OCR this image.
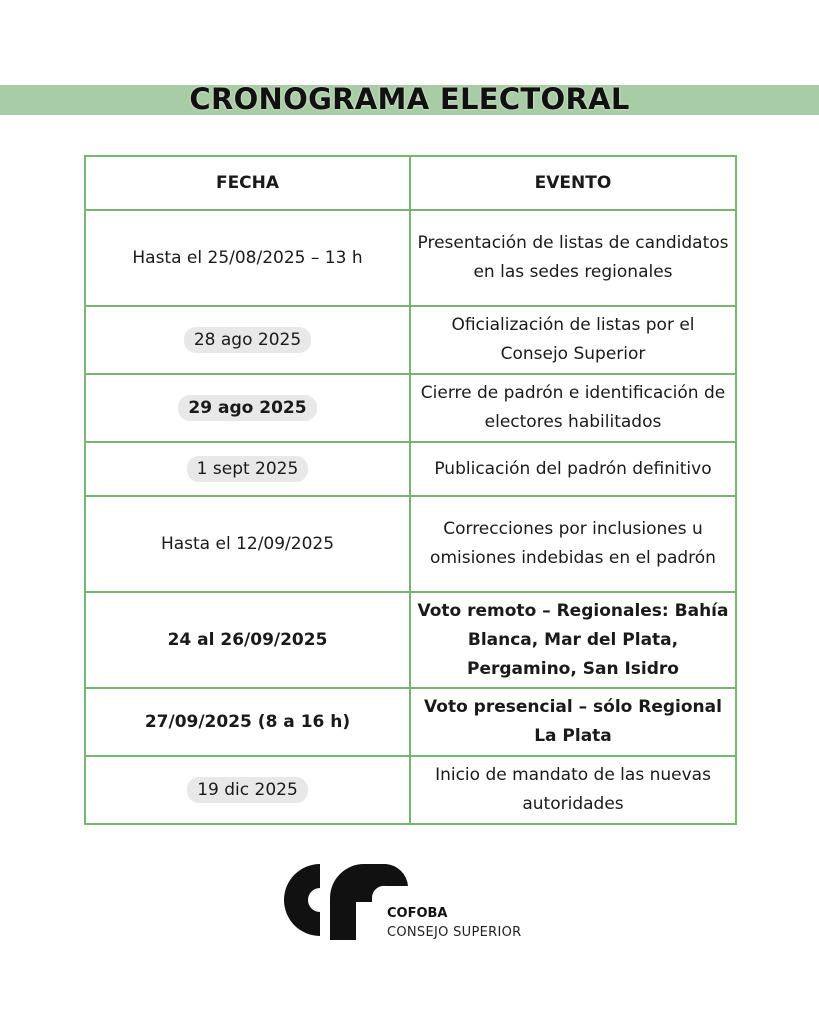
CRONOGRAMA ELECTORAL
FECHA	EVENTO
Hasta el 25/08/2025 – 13 h	Presentación de listas de candidatos en las sedes regionales
28 ago 2025	Oficialización de listas por el Consejo Superior
29 ago 2025	Cierre de padrón e identificación de electores habilitados
1 sept 2025	Publicación del padrón definitivo
Hasta el 12/09/2025	Correcciones por inclusiones u omisiones indebidas en el padrón
24 al 26/09/2025	Voto remoto – Regionales: Bahía Blanca, Mar del Plata, Pergamino, San Isidro
27/09/2025 (8 a 16 h)	Voto presencial – sólo Regional La Plata
19 dic 2025	Inicio de mandato de las nuevas autoridades
COFOBA
CONSEJO SUPERIOR
